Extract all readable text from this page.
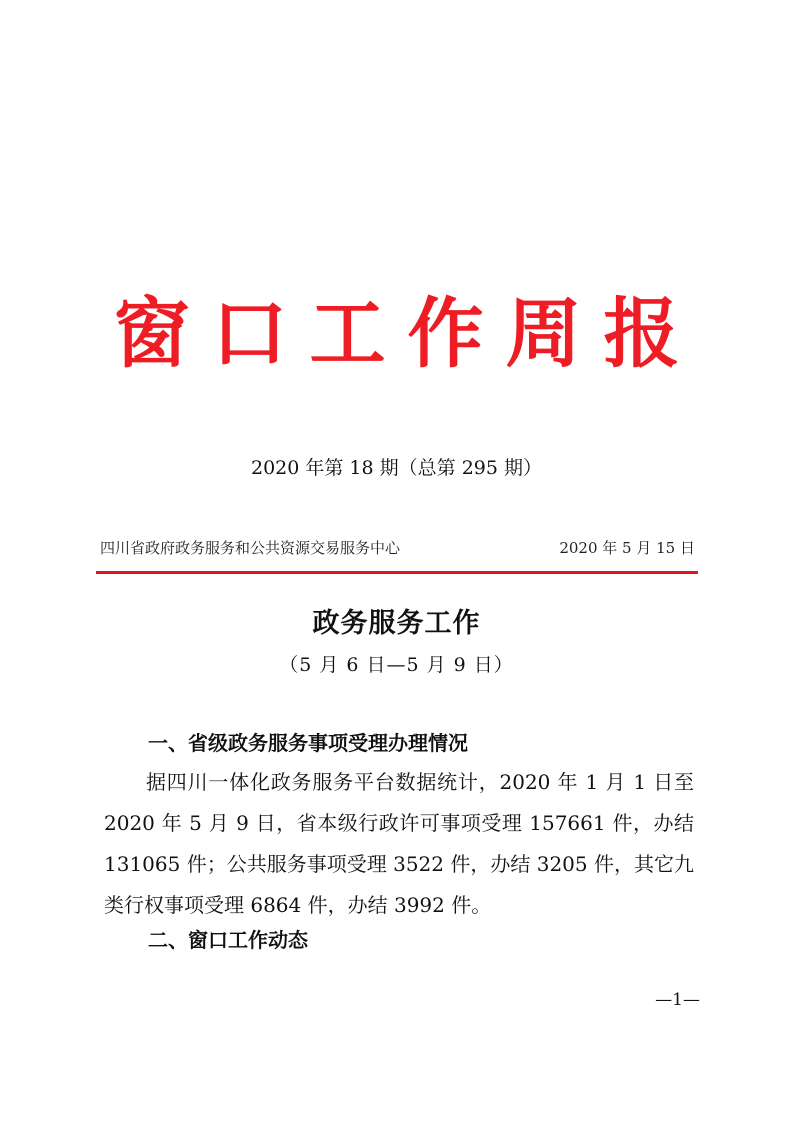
窗口工作周报
2020 年第 18 期（总第 295 期）
四川省政府政务服务和公共资源交易服务中心	2020 年 5 月 15 日
政务服务工作
（5 月 6 日—5 月 9 日）
一、省级政务服务事项受理办理情况

据四川一体化政务服务平台数据统计，2020 年 1 月 1 日至 2020 年 5 月 9 日，省本级行政许可事项受理 157661 件，办结 131065 件；公共服务事项受理 3522 件，办结 3205 件，其它九类行权事项受理 6864 件，办结 3992 件。

二、窗口工作动态
—1—
